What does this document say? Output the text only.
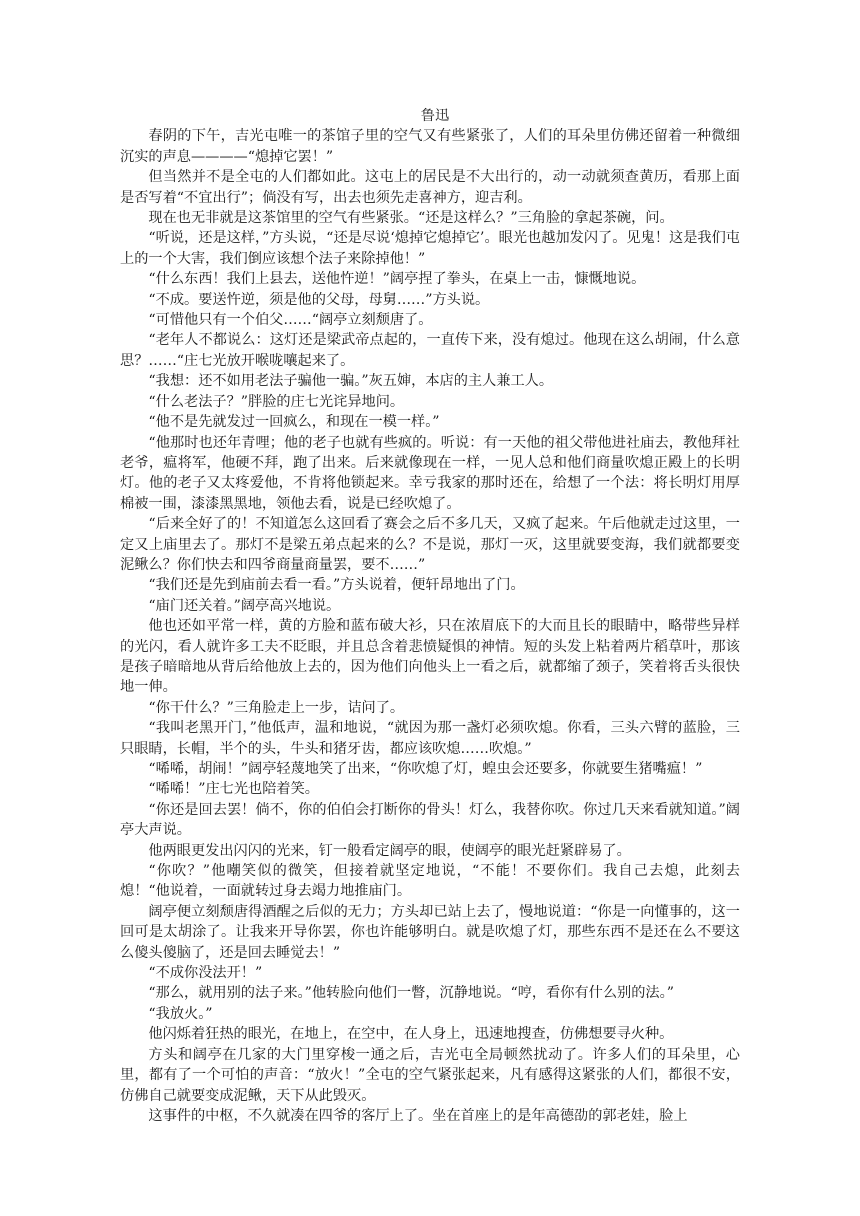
鲁迅

春阴的下午，吉光屯唯一的茶馆子里的空气又有些紧张了，人们的耳朵里仿佛还留着一种微细沉实的声息————“熄掉它罢！”

但当然并不是全屯的人们都如此。这屯上的居民是不大出行的，动一动就须查黄历，看那上面是否写着“不宜出行”；倘没有写，出去也须先走喜神方，迎吉利。

现在也无非就是这茶馆里的空气有些紧张。“还是这样么？”三角脸的拿起茶碗，问。

“听说，还是这样，”方头说，“还是尽说‘熄掉它熄掉它’。眼光也越加发闪了。见鬼！这是我们屯上的一个大害，我们倒应该想个法子来除掉他！”

“什么东西！我们上县去，送他忤逆！”阔亭捏了拳头，在桌上一击，慷慨地说。

“不成。要送忤逆，须是他的父母，母舅……”方头说。

“可惜他只有一个伯父……“阔亭立刻颓唐了。

“老年人不都说么：这灯还是梁武帝点起的，一直传下来，没有熄过。他现在这么胡闹，什么意思？……“庄七光放开喉咙嚷起来了。

“我想：还不如用老法子骗他一骗。”灰五婶，本店的主人兼工人。

“什么老法子？”胖脸的庄七光诧异地问。

“他不是先就发过一回疯么，和现在一模一样。”

“他那时也还年青哩；他的老子也就有些疯的。听说：有一天他的祖父带他进社庙去，教他拜社老爷，瘟将军，他硬不拜，跑了出来。后来就像现在一样，一见人总和他们商量吹熄正殿上的长明灯。他的老子又太疼爱他，不肯将他锁起来。幸亏我家的那时还在，给想了一个法：将长明灯用厚棉被一围，漆漆黑黑地，领他去看，说是已经吹熄了。

“后来全好了的！不知道怎么这回看了赛会之后不多几天，又疯了起来。午后他就走过这里，一定又上庙里去了。那灯不是梁五弟点起来的么？不是说，那灯一灭，这里就要变海，我们就都要变泥鳅么？你们快去和四爷商量商量罢，要不……”

“我们还是先到庙前去看一看。”方头说着，便轩昂地出了门。

“庙门还关着。”阔亭高兴地说。

他也还如平常一样，黄的方脸和蓝布破大衫，只在浓眉底下的大而且长的眼睛中，略带些异样的光闪，看人就许多工夫不眨眼，并且总含着悲愤疑惧的神情。短的头发上粘着两片稻草叶，那该是孩子暗暗地从背后给他放上去的，因为他们向他头上一看之后，就都缩了颈子，笑着将舌头很快地一伸。

“你干什么？”三角脸走上一步，诘问了。

“我叫老黑开门，”他低声，温和地说，“就因为那一盏灯必须吹熄。你看，三头六臂的蓝脸，三只眼睛，长帽，半个的头，牛头和猪牙齿，都应该吹熄……吹熄。”

“唏唏，胡闹！”阔亭轻蔑地笑了出来，“你吹熄了灯，蝗虫会还要多，你就要生猪嘴瘟！”

“唏唏！”庄七光也陪着笑。

“你还是回去罢！倘不，你的伯伯会打断你的骨头！灯么，我替你吹。你过几天来看就知道。”阔亭大声说。

他两眼更发出闪闪的光来，钉一般看定阔亭的眼，使阔亭的眼光赶紧辟易了。

“你吹？”他嘲笑似的微笑，但接着就坚定地说，“不能！不要你们。我自己去熄，此刻去熄！“他说着，一面就转过身去竭力地推庙门。

阔亭便立刻颓唐得酒醒之后似的无力；方头却已站上去了，慢地说道：“你是一向懂事的，这一回可是太胡涂了。让我来开导你罢，你也许能够明白。就是吹熄了灯，那些东西不是还在么不要这么傻头傻脑了，还是回去睡觉去！”

“不成你没法开！”

“那么，就用别的法子来。”他转脸向他们一瞥，沉静地说。“哼，看你有什么别的法。”

“我放火。”

他闪烁着狂热的眼光，在地上，在空中，在人身上，迅速地搜查，仿佛想要寻火种。

方头和阔亭在几家的大门里穿梭一通之后，吉光屯全局顿然扰动了。许多人们的耳朵里，心里，都有了一个可怕的声音：“放火！”全屯的空气紧张起来，凡有感得这紧张的人们，都很不安，仿佛自己就要变成泥鳅，天下从此毁灭。

这事件的中枢，不久就凑在四爷的客厅上了。坐在首座上的是年高德劭的郭老娃，脸上
